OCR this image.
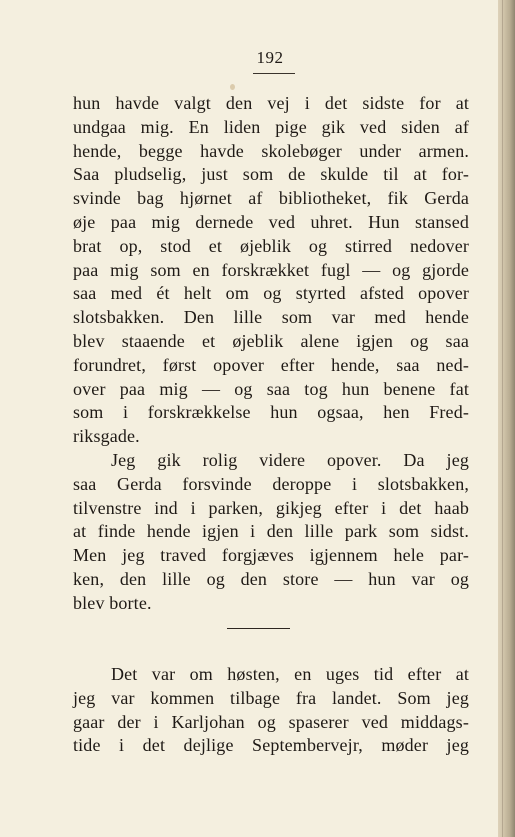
192
hun havde valgt den vej i det sidste for at
undgaa mig. En liden pige gik ved siden af
hende, begge havde skolebøger under armen.
Saa pludselig, just som de skulde til at for-
svinde bag hjørnet af bibliotheket, fik Gerda
øje paa mig dernede ved uhret. Hun stansed
brat op, stod et øjeblik og stirred nedover
paa mig som en forskrækket fugl — og gjorde
saa med ét helt om og styrted afsted opover
slotsbakken. Den lille som var med hende
blev staaende et øjeblik alene igjen og saa
forundret, først opover efter hende, saa ned-
over paa mig — og saa tog hun benene fat
som i forskrækkelse hun ogsaa, hen Fred-
riksgade.
Jeg gik rolig videre opover. Da jeg
saa Gerda forsvinde deroppe i slotsbakken,
tilvenstre ind i parken, gikjeg efter i det haab
at finde hende igjen i den lille park som sidst.
Men jeg traved forgjæves igjennem hele par-
ken, den lille og den store — hun var og
blev borte.
Det var om høsten, en uges tid efter at
jeg var kommen tilbage fra landet. Som jeg
gaar der i Karljohan og spaserer ved middags-
tide i det dejlige Septembervejr, møder jeg
